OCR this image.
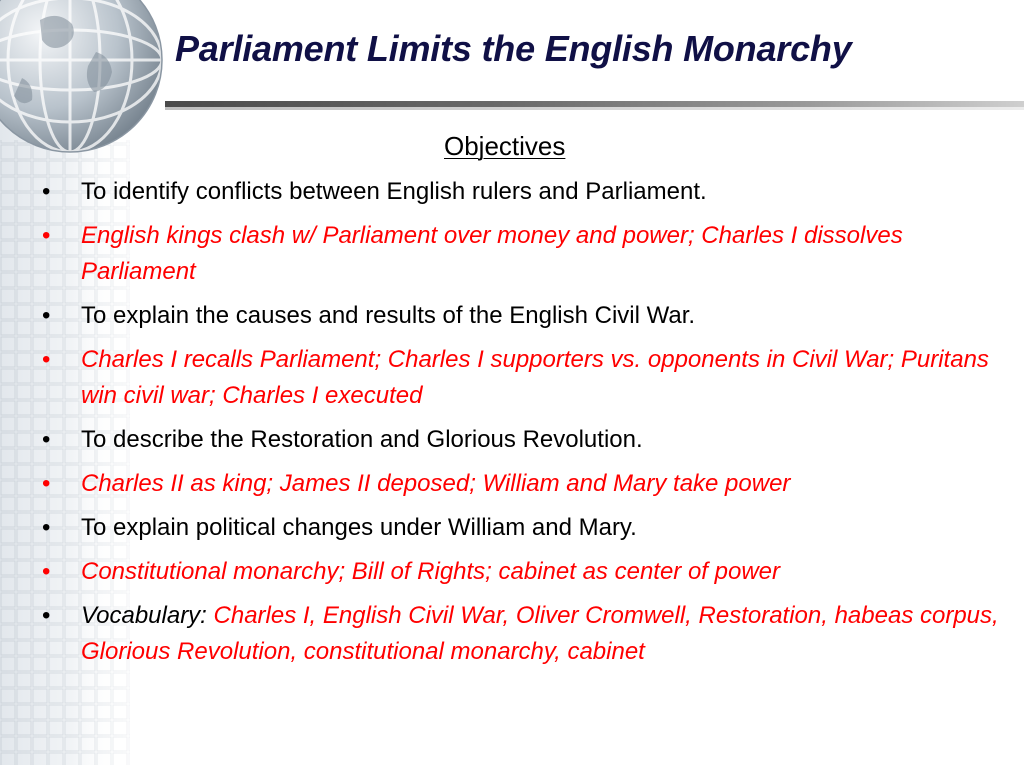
Parliament Limits the English Monarchy
Objectives
• To identify conflicts between English rulers and Parliament.
• English kings clash w/ Parliament over money and power; Charles I dissolves Parliament
• To explain the causes and results of the English Civil War.
• Charles I recalls Parliament; Charles I supporters vs. opponents in Civil War; Puritans win civil war; Charles I executed
• To describe the Restoration and Glorious Revolution.
• Charles II as king; James II deposed; William and Mary take power
• To explain political changes under William and Mary.
• Constitutional monarchy; Bill of Rights; cabinet as center of power
• Vocabulary: Charles I, English Civil War, Oliver Cromwell, Restoration, habeas corpus, Glorious Revolution, constitutional monarchy, cabinet
